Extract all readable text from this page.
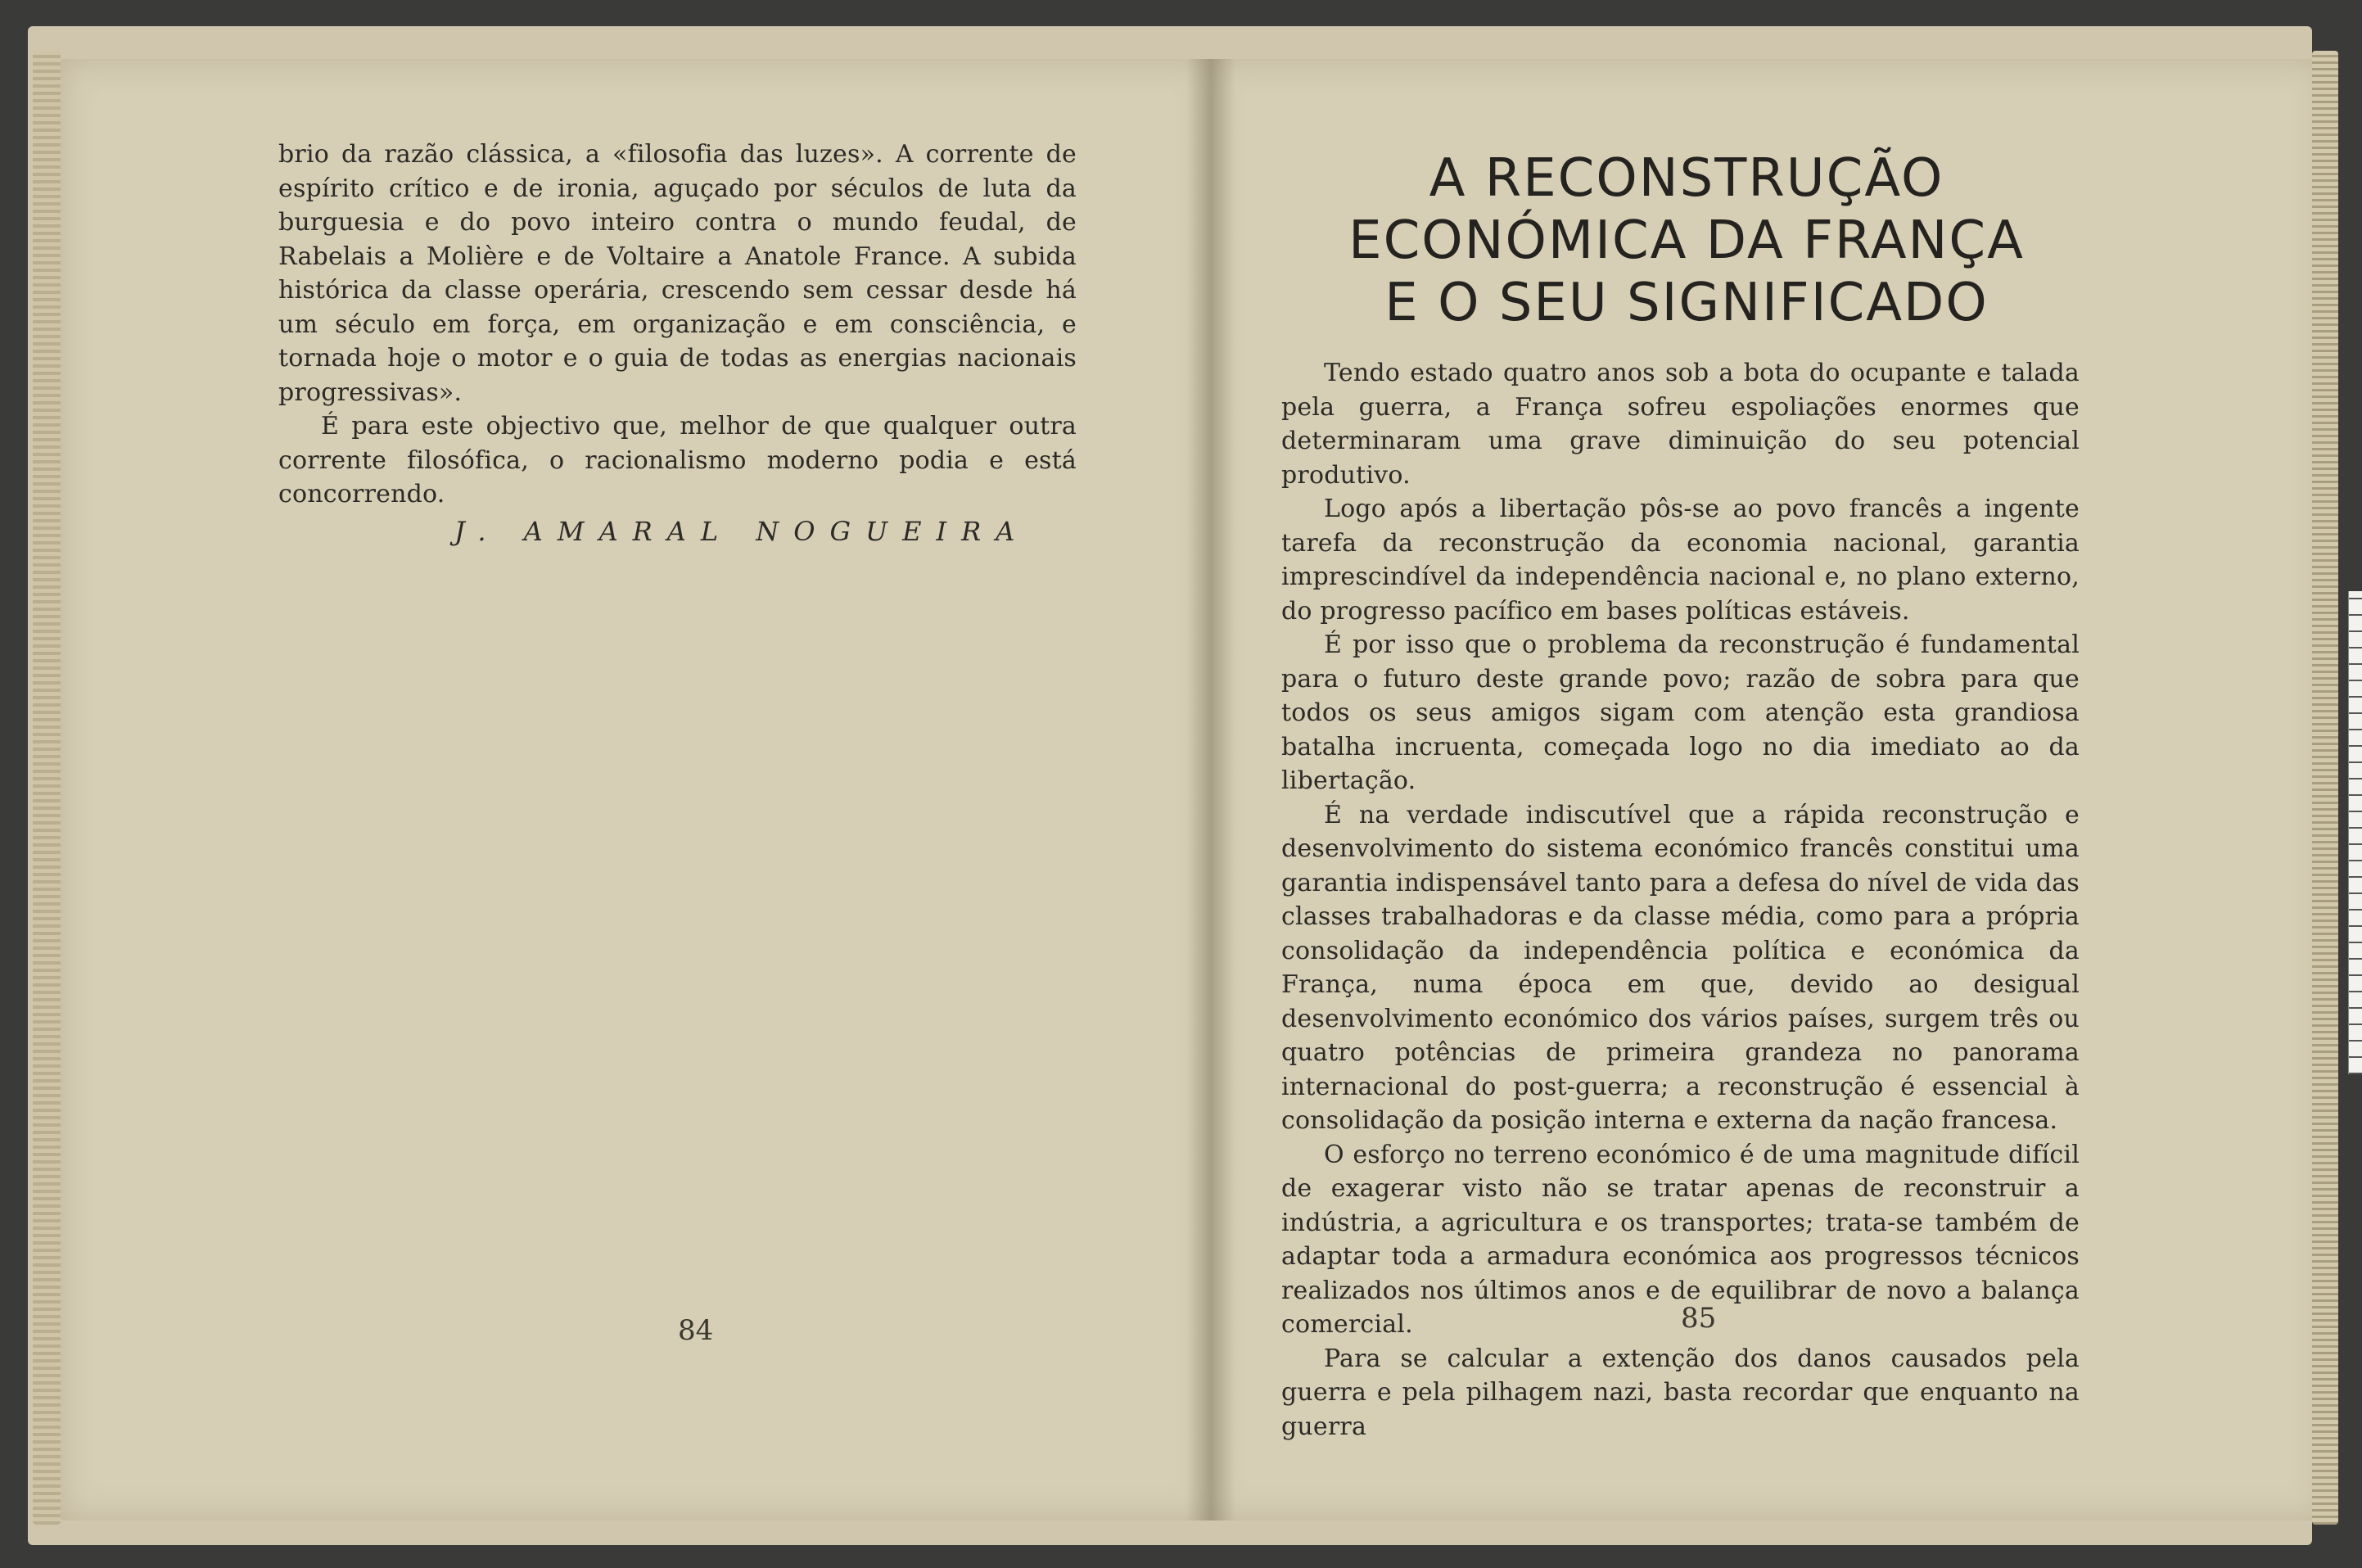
brio da razão clássica, a «filosofia das luzes». A corrente de espírito crítico e de ironia, aguçado por séculos de luta da burguesia e do povo inteiro contra o mundo feudal, de Rabelais a Molière e de Voltaire a Anatole France. A subida histórica da classe operária, crescendo sem cessar desde há um século em força, em organização e em consciência, e tornada hoje o motor e o guia de todas as energias nacionais progressivas».

É para este objectivo que, melhor de que qualquer outra corrente filosófica, o racionalismo moderno podia e está concorrendo.

J. AMARAL NOGUEIRA
84
A RECONSTRUÇÃO
ECONÓMICA DA FRANÇA
E O SEU SIGNIFICADO

Tendo estado quatro anos sob a bota do ocupante e talada pela guerra, a França sofreu espoliações enormes que determinaram uma grave diminuição do seu potencial produtivo.

Logo após a libertação pôs-se ao povo francês a ingente tarefa da reconstrução da economia nacional, garantia imprescindível da independência nacional e, no plano externo, do progresso pacífico em bases políticas estáveis.

É por isso que o problema da reconstrução é fundamental para o futuro deste grande povo; razão de sobra para que todos os seus amigos sigam com atenção esta grandiosa batalha incruenta, começada logo no dia imediato ao da libertação.

É na verdade indiscutível que a rápida reconstrução e desenvolvimento do sistema económico francês constitui uma garantia indispensável tanto para a defesa do nível de vida das classes trabalhadoras e da classe média, como para a própria consolidação da independência política e económica da França, numa época em que, devido ao desigual desenvolvimento económico dos vários países, surgem três ou quatro potências de primeira grandeza no panorama internacional do post-guerra; a reconstrução é essencial à consolidação da posição interna e externa da nação francesa.

O esforço no terreno económico é de uma magnitude difícil de exagerar visto não se tratar apenas de reconstruir a indústria, a agricultura e os transportes; trata-se também de adaptar toda a armadura económica aos progressos técnicos realizados nos últimos anos e de equilibrar de novo a balança comercial.

Para se calcular a extenção dos danos causados pela guerra e pela pilhagem nazi, basta recordar que enquanto na guerra

85
